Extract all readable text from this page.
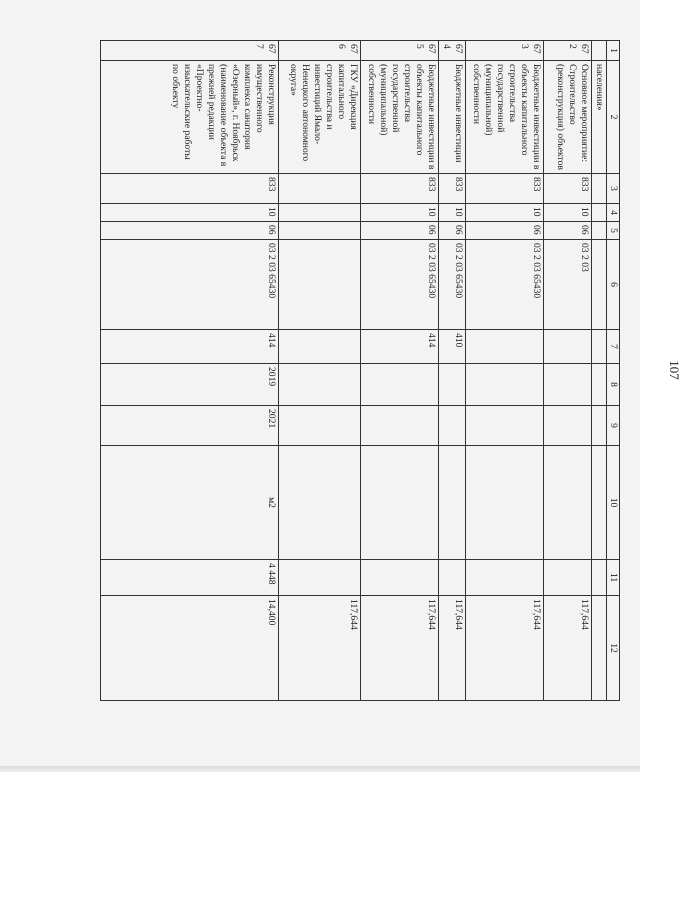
107
1	2	3	4	5	6	7	8	9	10	11	12
	населения»										
672	Основное мероприятие: Строительство (реконструкция) объектов	833	10	06	03 2 03						117,644
673	Бюджетные инвестиции в объекты капитального строительства государственной (муниципальной) собственности	833	10	06	03 2 03 65430						117,644
674	Бюджетные инвестиции	833	10	06	03 2 03 65430	410					117,644
675	Бюджетные инвестиции в объекты капитального строительства государственной (муниципальной) собственности	833	10	06	03 2 03 65430	414					117,644
676	ГКУ «Дирекция капитального строительства и инвестиций Ямало-Ненецкого автономного округа»										117,644
677	Реконструкция имущественного комплекса санатория «Озерный», г. Ноябрьск (наименование объекта в прежней редакции «Проектно-изыскательские работы по объекту	833	10	06	03 2 03 65430	414	2019	2021	м2	4 448	14,400
